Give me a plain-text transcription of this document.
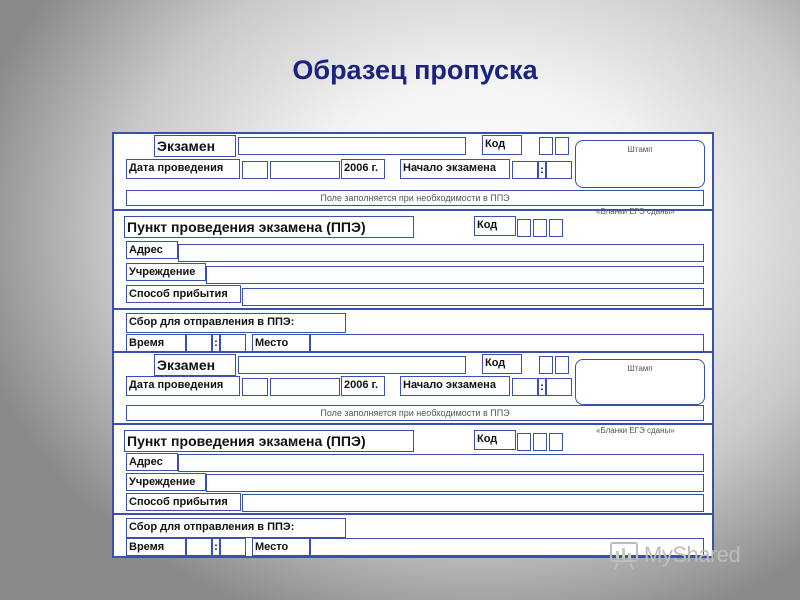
Образец пропуска
Экзамен	Код	Штамп
Дата проведения	2006 г.	Начало экзамена	:
Поле заполняется при необходимости в ППЭ
«Бланки ЕГЭ сданы»
Пункт проведения экзамена (ППЭ)	Код
Адрес
Учреждение
Способ прибытия
Сбор для отправления в ППЭ:
Время	:	Место
Экзамен	Код	Штамп
Дата проведения	2006 г.	Начало экзамена	:
Поле заполняется при необходимости в ППЭ
«Бланки ЕГЭ сданы»
Пункт проведения экзамена (ППЭ)	Код
Адрес
Учреждение
Способ прибытия
Сбор для отправления в ППЭ:
Время	:	Место	MyShared
